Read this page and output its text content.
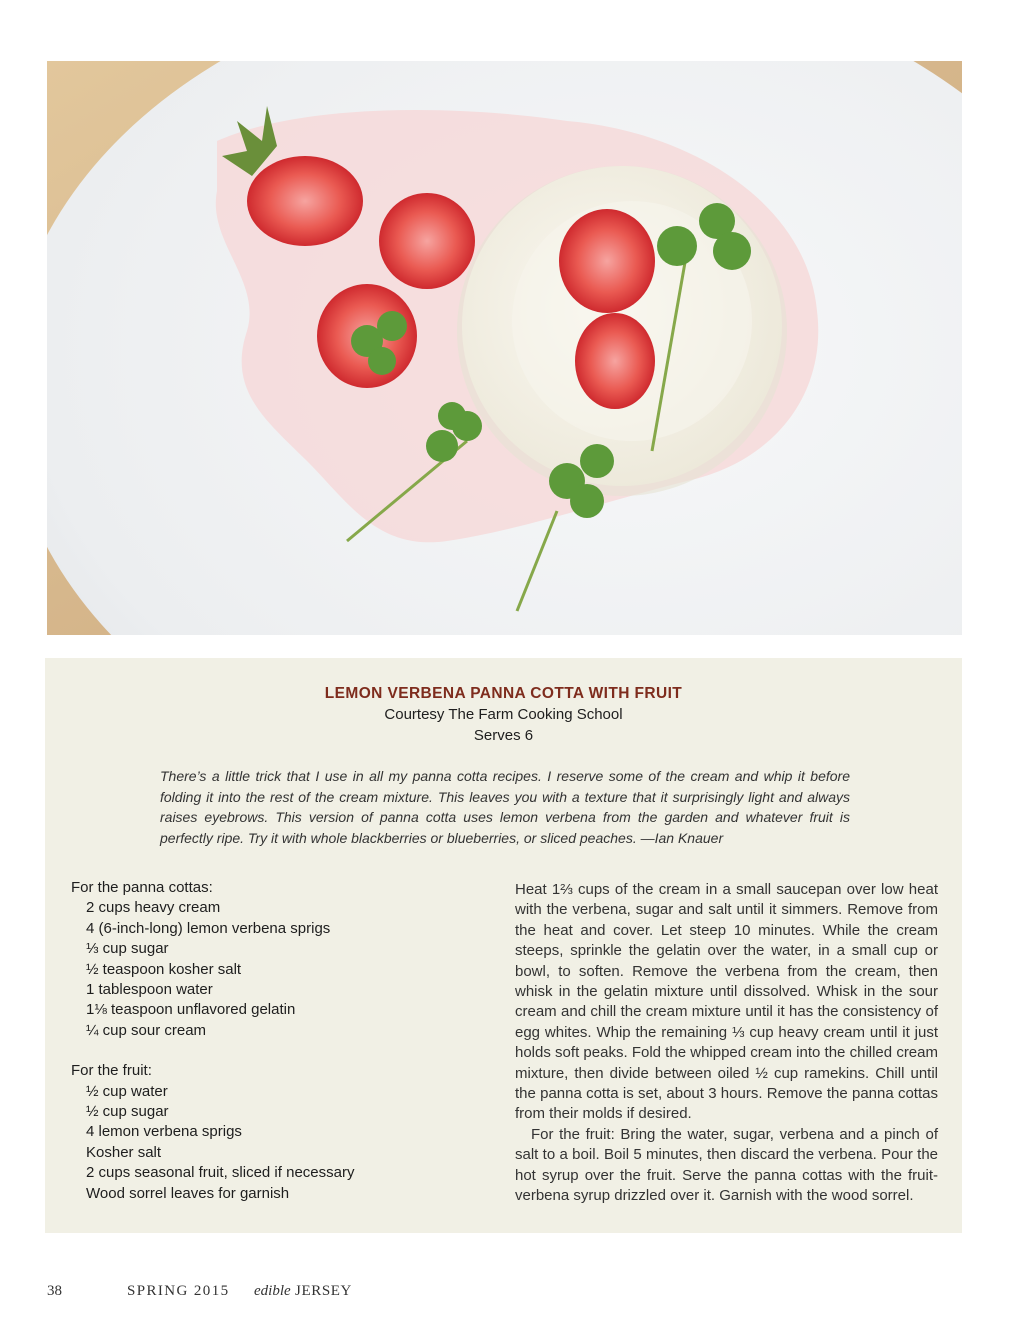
LEMON VERBENA PANNA COTTA WITH FRUIT

Courtesy The Farm Cooking School

Serves 6

There’s a little trick that I use in all my panna cotta recipes. I reserve some of the cream and whip it before folding it into the rest of the cream mixture. This leaves you with a texture that it surprisingly light and always raises eyebrows. This version of panna cotta uses lemon verbena from the garden and whatever fruit is perfectly ripe. Try it with whole blackberries or blueberries, or sliced peaches. —Ian Knauer

For the panna cottas:

2 cups heavy cream
4 (6-inch-long) lemon verbena sprigs
⅓ cup sugar
½ teaspoon kosher salt
1 tablespoon water
1⅛ teaspoon unflavored gelatin
¼ cup sour cream

For the fruit:

½ cup water
½ cup sugar
4 lemon verbena sprigs
Kosher salt
2 cups seasonal fruit, sliced if necessary
Wood sorrel leaves for garnish

Heat 1⅔ cups of the cream in a small saucepan over low heat with the verbena, sugar and salt until it simmers. Remove from the heat and cover. Let steep 10 minutes. While the cream steeps, sprinkle the gelatin over the water, in a small cup or bowl, to soften. Remove the verbena from the cream, then whisk in the gelatin mixture until dissolved. Whisk in the sour cream and chill the cream mixture until it has the consistency of egg whites. Whip the remaining ⅓ cup heavy cream until it just holds soft peaks. Fold the whipped cream into the chilled cream mixture, then divide between oiled ½ cup ramekins. Chill until the panna cotta is set, about 3 hours. Remove the panna cottas from their molds if desired.

For the fruit: Bring the water, sugar, verbena and a pinch of salt to a boil. Boil 5 minutes, then discard the verbena. Pour the hot syrup over the fruit. Serve the panna cottas with the fruit-verbena syrup drizzled over it. Garnish with the wood sorrel.

38	SPRING 2015 edible JERSEY
